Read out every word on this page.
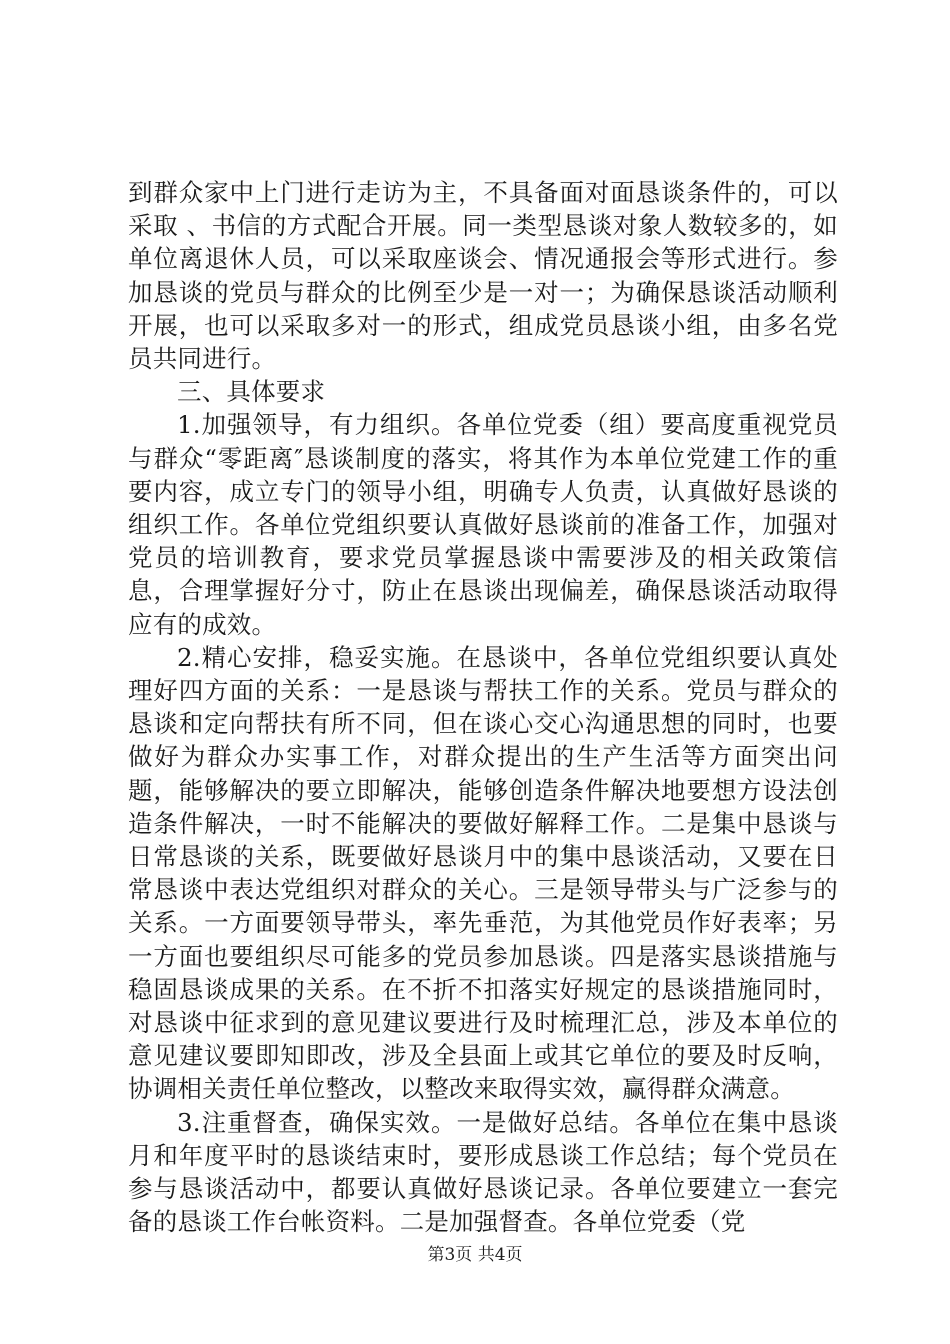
到群众家中上门进行走访为主，不具备面对面恳谈条件的，可以采取 、书信的方式配合开展。同一类型恳谈对象人数较多的，如单位离退休人员，可以采取座谈会、情况通报会等形式进行。参加恳谈的党员与群众的比例至少是一对一；为确保恳谈活动顺利开展，也可以采取多对一的形式，组成党员恳谈小组，由多名党员共同进行。

三、具体要求

1.加强领导，有力组织。各单位党委（组）要高度重视党员与群众“零距离″恳谈制度的落实，将其作为本单位党建工作的重要内容，成立专门的领导小组，明确专人负责，认真做好恳谈的组织工作。各单位党组织要认真做好恳谈前的准备工作，加强对党员的培训教育，要求党员掌握恳谈中需要涉及的相关政策信息，合理掌握好分寸，防止在恳谈出现偏差，确保恳谈活动取得应有的成效。

2.精心安排，稳妥实施。在恳谈中，各单位党组织要认真处理好四方面的关系：一是恳谈与帮扶工作的关系。党员与群众的恳谈和定向帮扶有所不同，但在谈心交心沟通思想的同时，也要做好为群众办实事工作，对群众提出的生产生活等方面突出问题，能够解决的要立即解决，能够创造条件解决地要想方设法创造条件解决，一时不能解决的要做好解释工作。二是集中恳谈与日常恳谈的关系，既要做好恳谈月中的集中恳谈活动，又要在日常恳谈中表达党组织对群众的关心。三是领导带头与广泛参与的关系。一方面要领导带头，率先垂范，为其他党员作好表率；另一方面也要组织尽可能多的党员参加恳谈。四是落实恳谈措施与稳固恳谈成果的关系。在不折不扣落实好规定的恳谈措施同时，对恳谈中征求到的意见建议要进行及时梳理汇总，涉及本单位的意见建议要即知即改，涉及全县面上或其它单位的要及时反响，协调相关责任单位整改，以整改来取得实效，赢得群众满意。

3.注重督查，确保实效。一是做好总结。各单位在集中恳谈月和年度平时的恳谈结束时，要形成恳谈工作总结；每个党员在参与恳谈活动中，都要认真做好恳谈记录。各单位要建立一套完备的恳谈工作台帐资料。二是加强督查。各单位党委（党

第3页 共4页
